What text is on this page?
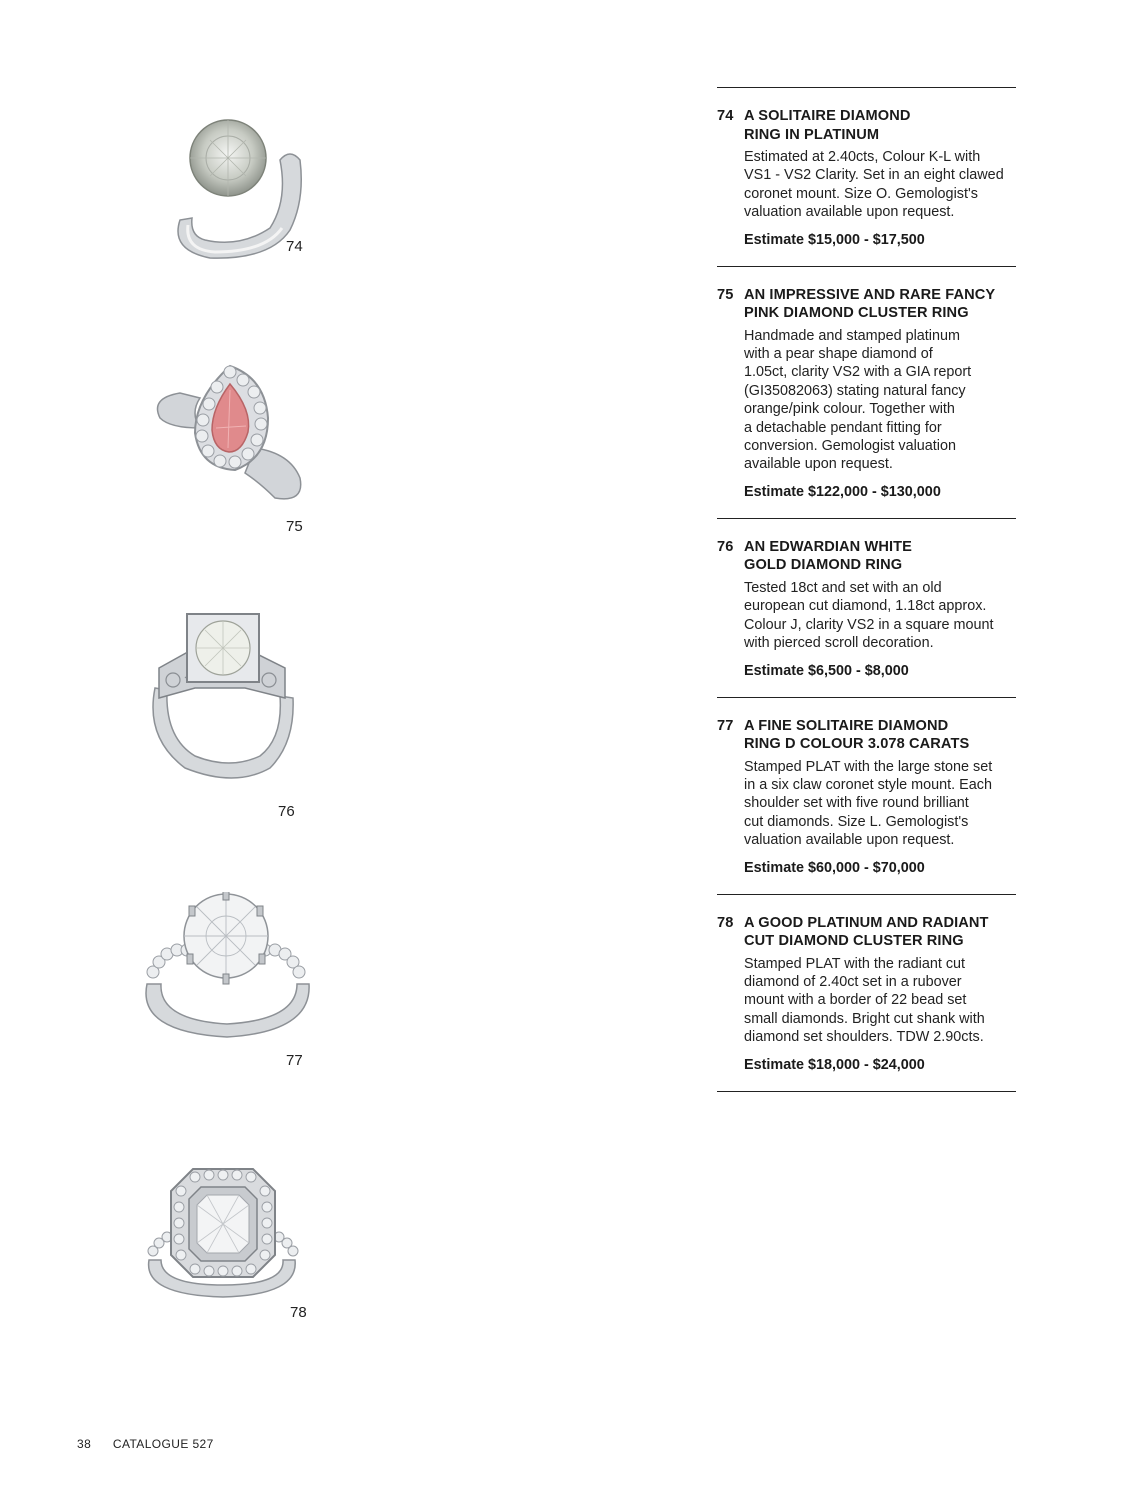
74
75
76
77
78
74 A SOLITAIRE DIAMOND
RING IN PLATINUM
Estimated at 2.40cts, Colour K-L with
VS1 - VS2 Clarity. Set in an eight clawed
coronet mount. Size O. Gemologist's
valuation available upon request.
Estimate $15,000 - $17,500
75 AN IMPRESSIVE AND RARE FANCY
PINK DIAMOND CLUSTER RING
Handmade and stamped platinum
with a pear shape diamond of
1.05ct, clarity VS2 with a GIA report
(GI35082063) stating natural fancy
orange/pink colour. Together with
a detachable pendant fitting for
conversion. Gemologist valuation
available upon request.
Estimate $122,000 - $130,000
76 AN EDWARDIAN WHITE
GOLD DIAMOND RING
Tested 18ct and set with an old
european cut diamond, 1.18ct approx.
Colour J, clarity VS2 in a square mount
with pierced scroll decoration.
Estimate $6,500 - $8,000
77 A FINE SOLITAIRE DIAMOND
RING D COLOUR 3.078 CARATS
Stamped PLAT with the large stone set
in a six claw coronet style mount. Each
shoulder set with five round brilliant
cut diamonds. Size L. Gemologist's
valuation available upon request.
Estimate $60,000 - $70,000
78 A GOOD PLATINUM AND RADIANT
CUT DIAMOND CLUSTER RING
Stamped PLAT with the radiant cut
diamond of 2.40ct set in a rubover
mount with a border of 22 bead set
small diamonds. Bright cut shank with
diamond set shoulders. TDW 2.90cts.
Estimate $18,000 - $24,000
38 CATALOGUE 527
